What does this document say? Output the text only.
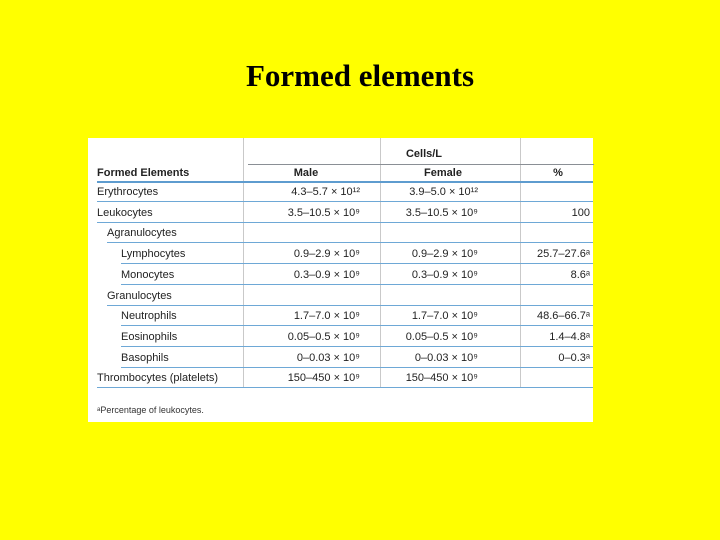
Formed elements
Cells/L
Formed Elements	Male	Female	%
Erythrocytes	4.3–5.7 × 10¹²	3.9–5.0 × 10¹²
Leukocytes	3.5–10.5 × 10⁹	3.5–10.5 × 10⁹	100
Agranulocytes
Lymphocytes	0.9–2.9 × 10⁹	0.9–2.9 × 10⁹	25.7–27.6ᵃ
Monocytes	0.3–0.9 × 10⁹	0.3–0.9 × 10⁹	8.6ᵃ
Granulocytes
Neutrophils	1.7–7.0 × 10⁹	1.7–7.0 × 10⁹	48.6–66.7ᵃ
Eosinophils	0.05–0.5 × 10⁹	0.05–0.5 × 10⁹	1.4–4.8ᵃ
Basophils	0–0.03 × 10⁹	0–0.03 × 10⁹	0–0.3ᵃ
Thrombocytes (platelets)	150–450 × 10⁹	150–450 × 10⁹
ᵃPercentage of leukocytes.
